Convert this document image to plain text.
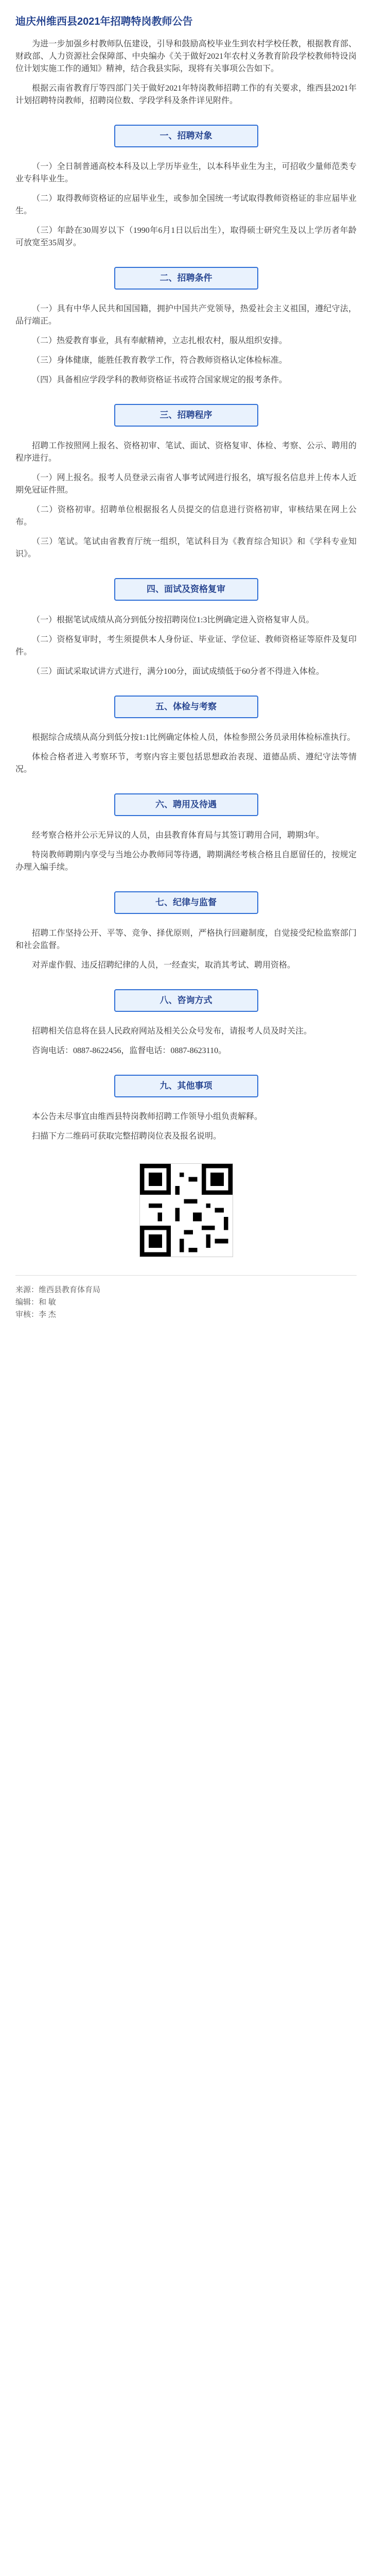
迪庆州维西县2021年招聘特岗教师公告

为进一步加强乡村教师队伍建设，引导和鼓励高校毕业生到农村学校任教，根据教育部、财政部、人力资源社会保障部、中央编办《关于做好2021年农村义务教育阶段学校教师特设岗位计划实施工作的通知》精神，结合我县实际，现将有关事项公告如下。

根据云南省教育厅等四部门关于做好2021年特岗教师招聘工作的有关要求，维西县2021年计划招聘特岗教师，招聘岗位数、学段学科及条件详见附件。

一、招聘对象

（一）全日制普通高校本科及以上学历毕业生，以本科毕业生为主，可招收少量师范类专业专科毕业生。

（二）取得教师资格证的应届毕业生，或参加全国统一考试取得教师资格证的非应届毕业生。

（三）年龄在30周岁以下（1990年6月1日以后出生），取得硕士研究生及以上学历者年龄可放宽至35周岁。

二、招聘条件

（一）具有中华人民共和国国籍，拥护中国共产党领导，热爱社会主义祖国，遵纪守法，品行端正。

（二）热爱教育事业，具有奉献精神，立志扎根农村，服从组织安排。

（三）身体健康，能胜任教育教学工作，符合教师资格认定体检标准。

（四）具备相应学段学科的教师资格证书或符合国家规定的报考条件。

三、招聘程序

招聘工作按照网上报名、资格初审、笔试、面试、资格复审、体检、考察、公示、聘用的程序进行。

（一）网上报名。报考人员登录云南省人事考试网进行报名，填写报名信息并上传本人近期免冠证件照。

（二）资格初审。招聘单位根据报名人员提交的信息进行资格初审，审核结果在网上公布。

（三）笔试。笔试由省教育厅统一组织，笔试科目为《教育综合知识》和《学科专业知识》。

四、面试及资格复审

（一）根据笔试成绩从高分到低分按招聘岗位1:3比例确定进入资格复审人员。

（二）资格复审时，考生须提供本人身份证、毕业证、学位证、教师资格证等原件及复印件。

（三）面试采取试讲方式进行，满分100分，面试成绩低于60分者不得进入体检。

五、体检与考察

根据综合成绩从高分到低分按1:1比例确定体检人员，体检参照公务员录用体检标准执行。

体检合格者进入考察环节，考察内容主要包括思想政治表现、道德品质、遵纪守法等情况。

六、聘用及待遇

经考察合格并公示无异议的人员，由县教育体育局与其签订聘用合同，聘期3年。

特岗教师聘期内享受与当地公办教师同等待遇，聘期满经考核合格且自愿留任的，按规定办理入编手续。

七、纪律与监督

招聘工作坚持公开、平等、竞争、择优原则，严格执行回避制度，自觉接受纪检监察部门和社会监督。

对弄虚作假、违反招聘纪律的人员，一经查实，取消其考试、聘用资格。

八、咨询方式

招聘相关信息将在县人民政府网站及相关公众号发布，请报考人员及时关注。

咨询电话：0887-8622456，监督电话：0887-8623110。

九、其他事项

本公告未尽事宜由维西县特岗教师招聘工作领导小组负责解释。

扫描下方二维码可获取完整招聘岗位表及报名说明。

来源：维西县教育体育局

编辑：和 敏

审核：李 杰
